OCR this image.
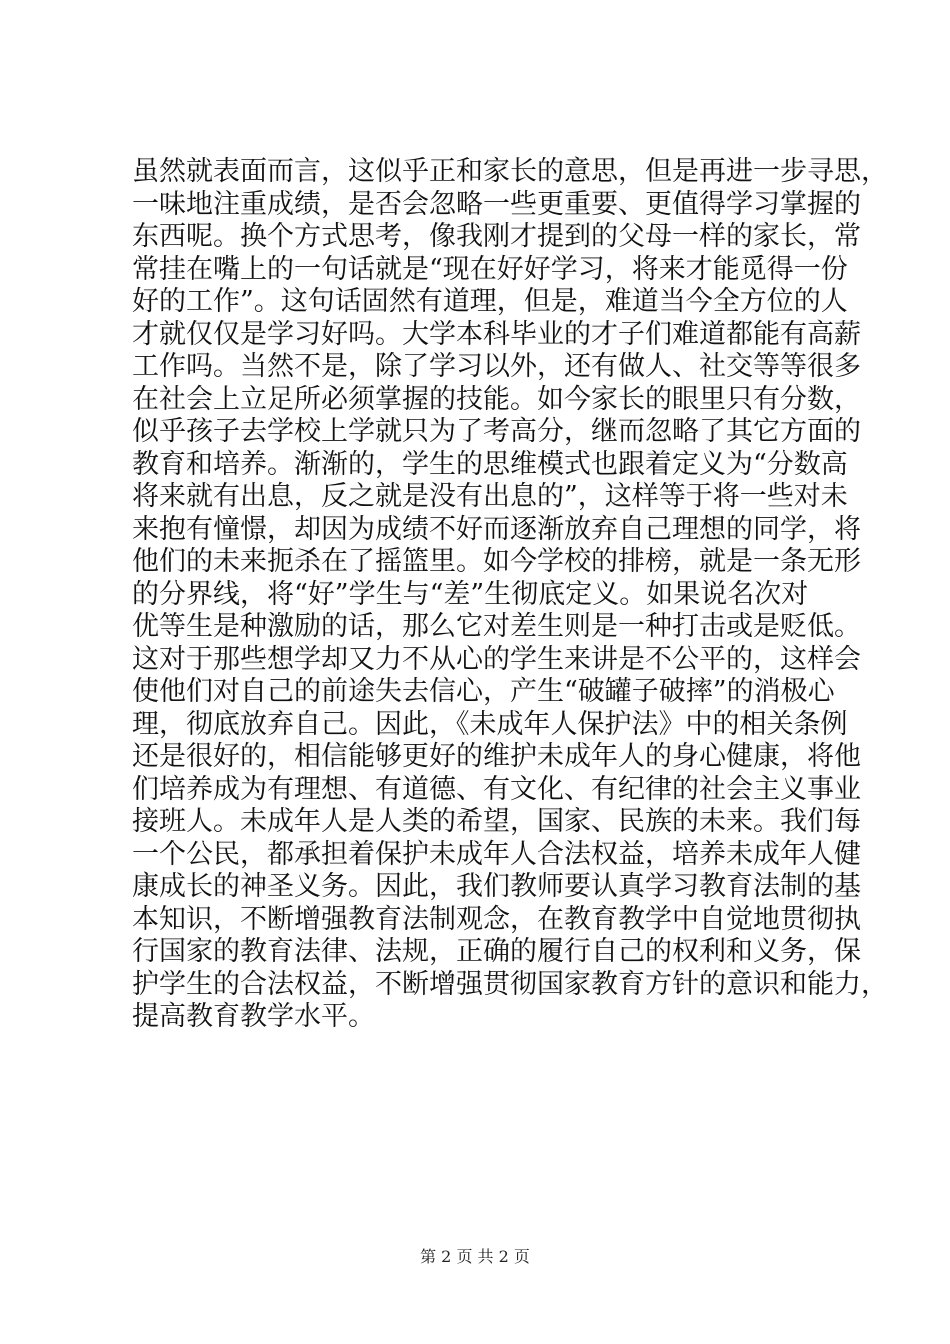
虽然就表面而言，这似乎正和家长的意思，但是再进一步寻思，
一味地注重成绩，是否会忽略一些更重要、更值得学习掌握的
东西呢。换个方式思考，像我刚才提到的父母一样的家长，常
常挂在嘴上的一句话就是“现在好好学习，将来才能觅得一份
好的工作”。这句话固然有道理，但是，难道当今全方位的人
才就仅仅是学习好吗。大学本科毕业的才子们难道都能有高薪
工作吗。当然不是，除了学习以外，还有做人、社交等等很多
在社会上立足所必须掌握的技能。如今家长的眼里只有分数，
似乎孩子去学校上学就只为了考高分，继而忽略了其它方面的
教育和培养。渐渐的，学生的思维模式也跟着定义为“分数高
将来就有出息，反之就是没有出息的”，这样等于将一些对未
来抱有憧憬，却因为成绩不好而逐渐放弃自己理想的同学，将
他们的未来扼杀在了摇篮里。如今学校的排榜，就是一条无形
的分界线，将“好”学生与“差”生彻底定义。如果说名次对
优等生是种激励的话，那么它对差生则是一种打击或是贬低。
这对于那些想学却又力不从心的学生来讲是不公平的，这样会
使他们对自己的前途失去信心，产生“破罐子破摔”的消极心
理，彻底放弃自己。因此，《未成年人保护法》中的相关条例
还是很好的，相信能够更好的维护未成年人的身心健康，将他
们培养成为有理想、有道德、有文化、有纪律的社会主义事业
接班人。未成年人是人类的希望，国家、民族的未来。我们每
一个公民，都承担着保护未成年人合法权益，培养未成年人健
康成长的神圣义务。因此，我们教师要认真学习教育法制的基
本知识，不断增强教育法制观念，在教育教学中自觉地贯彻执
行国家的教育法律、法规，正确的履行自己的权利和义务，保
护学生的合法权益，不断增强贯彻国家教育方针的意识和能力，
提高教育教学水平。
第 2 页 共 2 页
